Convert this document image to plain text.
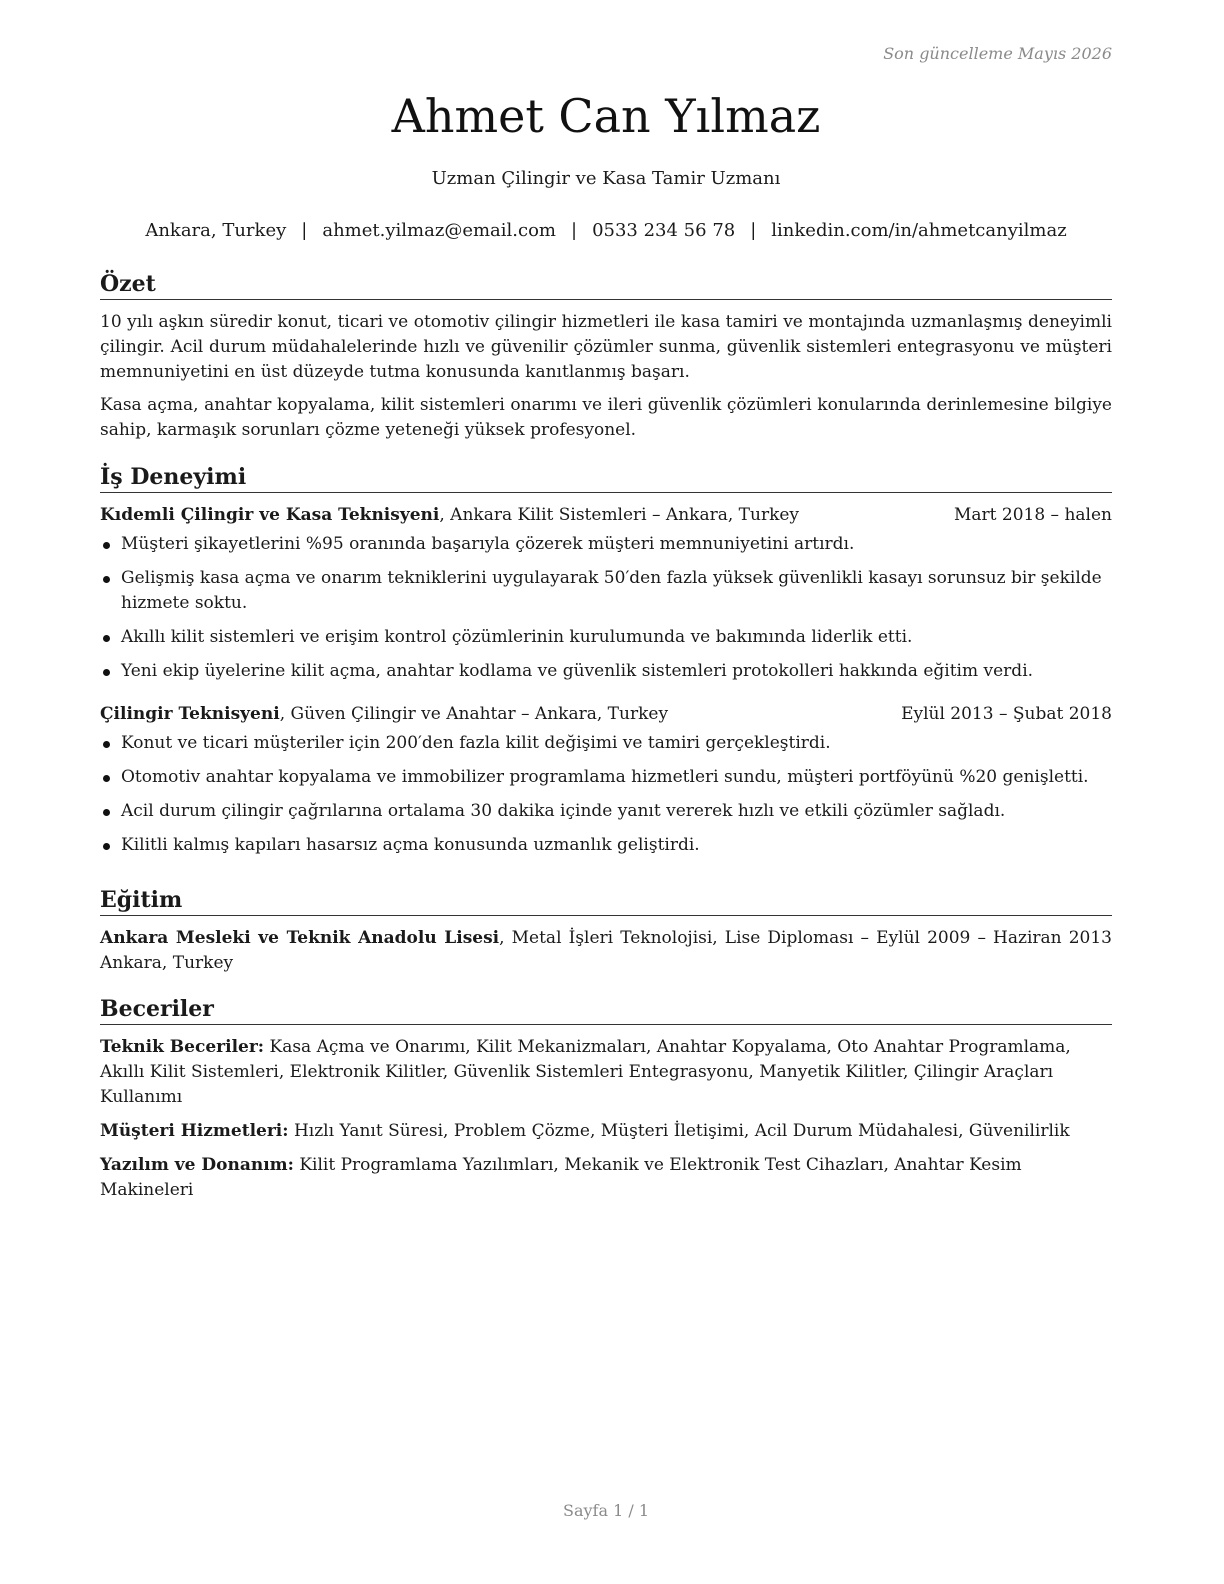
Son güncelleme Mayıs 2026
Ahmet Can Yılmaz
Uzman Çilingir ve Kasa Tamir Uzmanı
Ankara, Turkey | ahmet.yilmaz@email.com | 0533 234 56 78 | linkedin.com/in/ahmetcanyilmaz
Özet

10 yılı aşkın süredir konut, ticari ve otomotiv çilingir hizmetleri ile kasa tamiri ve montajında uzmanlaşmış deneyimli çilingir. Acil durum müdahalelerinde hızlı ve güvenilir çözümler sunma, güvenlik sistemleri entegrasyonu ve müşteri memnuniyetini en üst düzeyde tutma konusunda kanıtlanmış başarı.

Kasa açma, anahtar kopyalama, kilit sistemleri onarımı ve ileri güvenlik çözümleri konularında derinlemesine bilgiye sahip, karmaşık sorunları çözme yeteneği yüksek profesyonel.

İş Deneyimi
Kıdemli Çilingir ve Kasa Teknisyeni, Ankara Kilit Sistemleri – Ankara, Turkey	Mart 2018 – halen
Müşteri şikayetlerini %95 oranında başarıyla çözerek müşteri memnuniyetini artırdı.
Gelişmiş kasa açma ve onarım tekniklerini uygulayarak 50′den fazla yüksek güvenlikli kasayı sorunsuz bir şekilde hizmete soktu.
Akıllı kilit sistemleri ve erişim kontrol çözümlerinin kurulumunda ve bakımında liderlik etti.
Yeni ekip üyelerine kilit açma, anahtar kodlama ve güvenlik sistemleri protokolleri hakkında eğitim verdi.
Çilingir Teknisyeni, Güven Çilingir ve Anahtar – Ankara, Turkey	Eylül 2013 – Şubat 2018
Konut ve ticari müşteriler için 200′den fazla kilit değişimi ve tamiri gerçekleştirdi.
Otomotiv anahtar kopyalama ve immobilizer programlama hizmetleri sundu, müşteri portföyünü %20 genişletti.
Acil durum çilingir çağrılarına ortalama 30 dakika içinde yanıt vererek hızlı ve etkili çözümler sağladı.
Kilitli kalmış kapıları hasarsız açma konusunda uzmanlık geliştirdi.
Eğitim
Ankara Mesleki ve Teknik Anadolu Lisesi, Metal İşleri Teknolojisi, Lise Diploması – Eylül 2009 – Haziran 2013
Ankara, Turkey
Beceriler

Teknik Beceriler: Kasa Açma ve Onarımı, Kilit Mekanizmaları, Anahtar Kopyalama, Oto Anahtar Programlama, Akıllı Kilit Sistemleri, Elektronik Kilitler, Güvenlik Sistemleri Entegrasyonu, Manyetik Kilitler, Çilingir Araçları Kullanımı

Müşteri Hizmetleri: Hızlı Yanıt Süresi, Problem Çözme, Müşteri İletişimi, Acil Durum Müdahalesi, Güvenilirlik

Yazılım ve Donanım: Kilit Programlama Yazılımları, Mekanik ve Elektronik Test Cihazları, Anahtar Kesim Makineleri

Sayfa 1 / 1
